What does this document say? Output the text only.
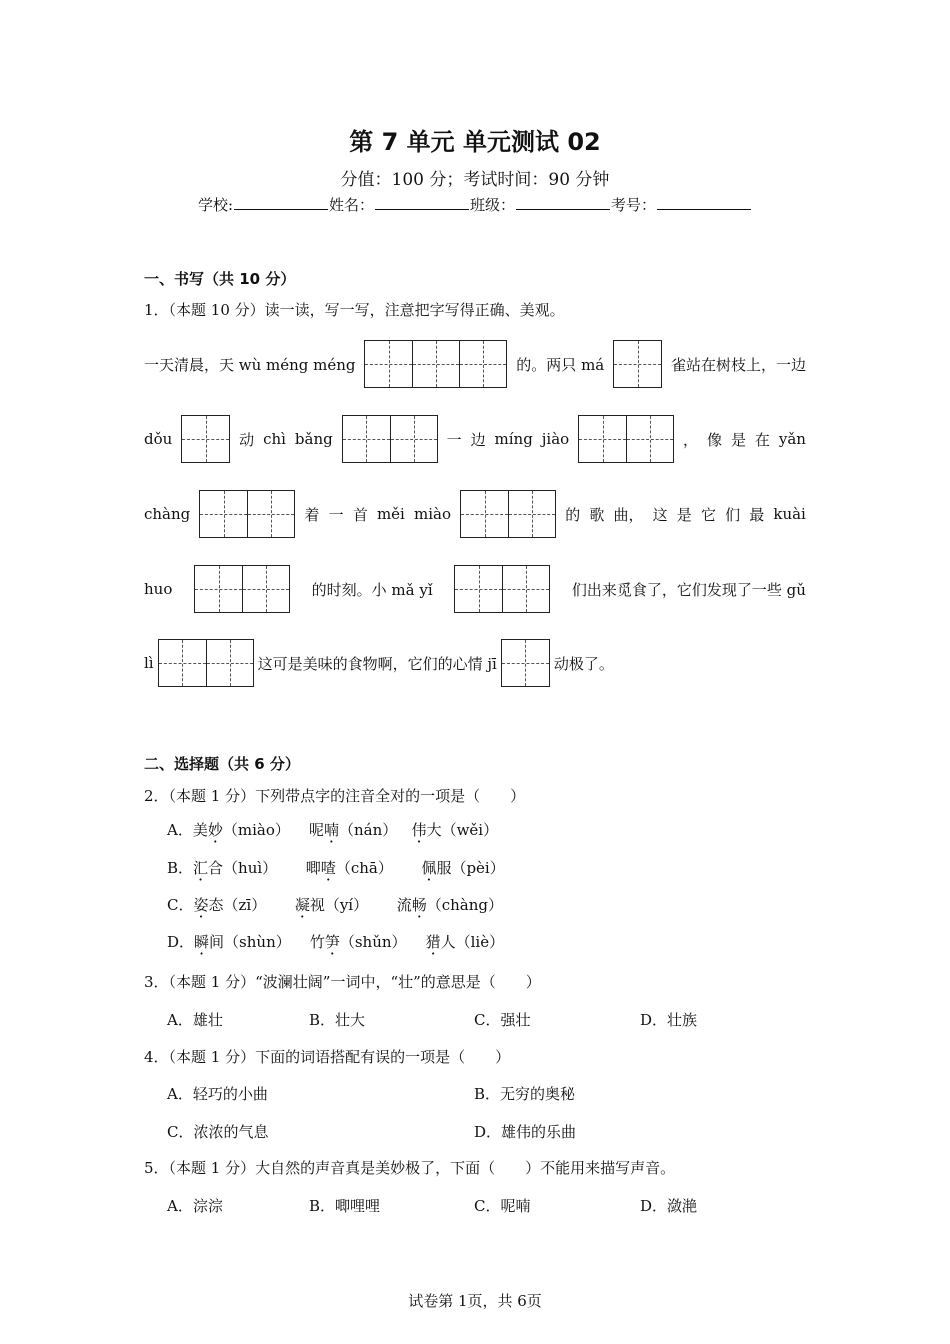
第 7 单元 单元测试 02
分值：100 分；考试时间：90 分钟
学校:	姓名：	班级：	考号：
一、书写（共 10 分）
1．（本题 10 分）读一读，写一写，注意把字写得正确、美观。
一天清晨，天 wù méng méng	的。两只 má	雀站在树枝上，一边
dǒu	动 chì bǎng	一 边 míng jiào	， 像 是 在 yǎn
chàng	着 一 首 měi miào	的 歌 曲， 这 是 它 们 最 kuài
huo	的时刻。小 mǎ yǐ	们出来觅食了，它们发现了一些 gǔ
lì	这可是美味的食物啊，它们的心情 jī	动极了。
二、选择题（共 6 分）
2．（本题 1 分）下列带点字的注音全对的一项是（　　）
A．美妙（miào） 呢喃（nán） 伟大（wěi）
B．汇合（huì） 唧喳（chā） 佩服（pèi）
C．姿态（zī） 凝视（yí） 流畅（chàng）
D．瞬间（shùn） 竹笋（shǔn） 猎人（liè）
3．（本题 1 分）“波澜壮阔”一词中，“壮”的意思是（　　）
A．雄壮	B．壮大	C．强壮	D．壮族
4．（本题 1 分）下面的词语搭配有误的一项是（　　）
A．轻巧的小曲	B．无穷的奥秘
C．浓浓的气息	D．雄伟的乐曲
5．（本题 1 分）大自然的声音真是美妙极了，下面（　　）不能用来描写声音。
A．淙淙	B．唧哩哩	C．呢喃	D．潋滟
试卷第 1页，共 6页
